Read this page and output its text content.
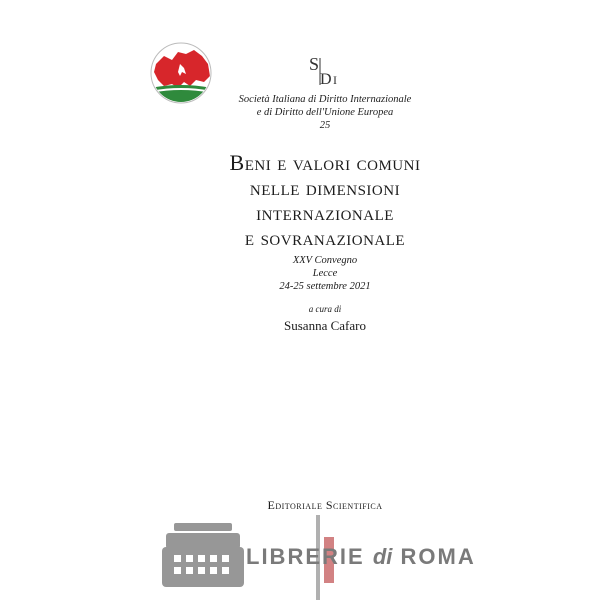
S
D I
Società Italiana di Diritto Internazionale
e di Diritto dell'Unione Europea
25
Beni e valori comuni
nelle dimensioni
internazionale
e sovranazionale
XXV Convegno
Lecce
24-25 settembre 2021
a cura di
Susanna Cafaro
Editoriale Scientifica
LIBRERIE di ROMA
